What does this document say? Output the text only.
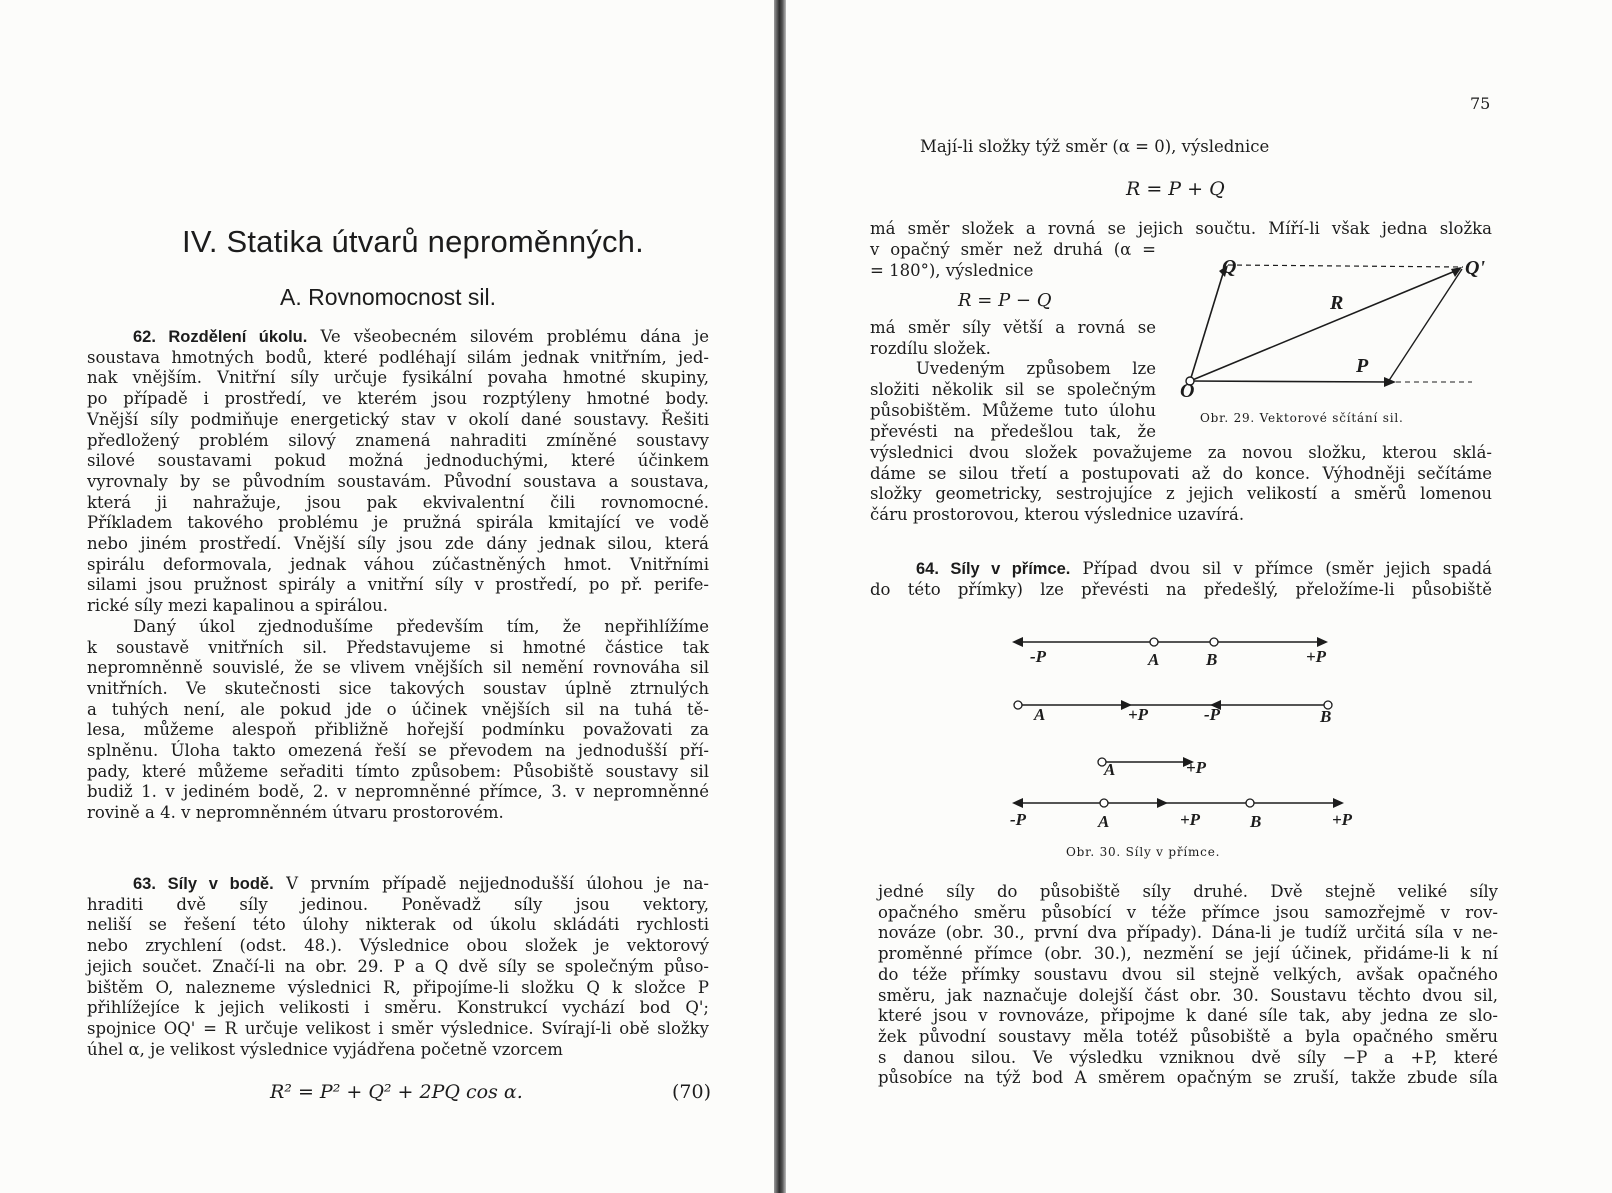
IV. Statika útvarů neproměnných.
A. Rovnomocnost sil.
62. Rozdělení úkolu. Ve všeobecném silovém problému dána je
soustava hmotných bodů, které podléhají silám jednak vnitřním, jed-
nak vnějším. Vnitřní síly určuje fysikální povaha hmotné skupiny,
po případě i prostředí, ve kterém jsou rozptýleny hmotné body.
Vnější síly podmiňuje energetický stav v okolí dané soustavy. Řešiti
předložený problém silový znamená nahraditi zmíněné soustavy
silové soustavami pokud možná jednoduchými, které účinkem
vyrovnaly by se původním soustavám. Původní soustava a soustava,
která ji nahražuje, jsou pak ekvivalentní čili rovnomocné.
Příkladem takového problému je pružná spirála kmitající ve vodě
nebo jiném prostředí. Vnější síly jsou zde dány jednak silou, která
spirálu deformovala, jednak váhou zúčastněných hmot. Vnitřními
silami jsou pružnost spirály a vnitřní síly v prostředí, po př. perife-
rické síly mezi kapalinou a spirálou.
Daný úkol zjednodušíme především tím, že nepřihlížíme
k soustavě vnitřních sil. Představujeme si hmotné částice tak
nepromněnně souvislé, že se vlivem vnějších sil nemění rovnováha sil
vnitřních. Ve skutečnosti sice takových soustav úplně ztrnulých
a tuhých není, ale pokud jde o účinek vnějších sil na tuhá tě-
lesa, můžeme alespoň přibližně hořejší podmínku považovati za
splněnu. Úloha takto omezená řeší se převodem na jednodušší pří-
pady, které můžeme seřaditi tímto způsobem: Působiště soustavy sil
budiž 1. v jediném bodě, 2. v nepromněnné přímce, 3. v nepromněnné
rovině a 4. v nepromněnném útvaru prostorovém.
63. Síly v bodě. V prvním případě nejjednodušší úlohou je na-
hraditi dvě síly jedinou. Poněvadž síly jsou vektory,
neliší se řešení této úlohy nikterak od úkolu skládáti rychlosti
nebo zrychlení (odst. 48.). Výslednice obou složek je vektorový
jejich součet. Značí-li na obr. 29. P a Q dvě síly se společným půso-
bištěm O, nalezneme výslednici R, připojíme-li složku Q k složce P
přihlížejíce k jejich velikosti i směru. Konstrukcí vychází bod Q';
spojnice OQ' = R určuje velikost i směr výslednice. Svírají-li obě složky
úhel α, je velikost výslednice vyjádřena početně vzorcem
R² = P² + Q² + 2PQ cos α.	(70)
75
Mají-li složky týž směr (α = 0), výslednice
R = P + Q
má směr složek a rovná se jejich součtu. Míří-li však jedna složka
v opačný směr než druhá (α =
= 180°), výslednice
R = P − Q
má směr síly větší a rovná se
rozdílu složek.
Uvedeným způsobem lze
složiti několik sil se společným
působištěm. Můžeme tuto úlohu
převésti na předešlou tak, že
výslednici dvou složek považujeme za novou složku, kterou sklá-
dáme se silou třetí a postupovati až do konce. Výhodněji sečítáme
složky geometricky, sestrojujíce z jejich velikostí a směrů lomenou
čáru prostorovou, kterou výslednice uzavírá.
O
P
Q	Q'
R
Obr. 29. Vektorové sčítání sil.
64. Síly v přímce. Případ dvou sil v přímce (směr jejich spadá
do této přímky) lze převésti na předešlý, přeložíme-li působiště
-P	A	B	+P
A	+P	-P	B
A	+P
-P	A	+P	B	+P
Obr. 30. Síly v přímce.
jedné síly do působiště síly druhé. Dvě stejně veliké síly
opačného směru působící v téže přímce jsou samozřejmě v rov-
nováze (obr. 30., první dva případy). Dána-li je tudíž určitá síla v ne-
proměnné přímce (obr. 30.), nezmění se její účinek, přidáme-li k ní
do téže přímky soustavu dvou sil stejně velkých, avšak opačného
směru, jak naznačuje dolejší část obr. 30. Soustavu těchto dvou sil,
které jsou v rovnováze, připojme k dané síle tak, aby jedna ze slo-
žek původní soustavy měla totéž působiště a byla opačného směru
s danou silou. Ve výsledku vzniknou dvě síly −P a +P, které
působíce na týž bod A směrem opačným se zruší, takže zbude síla
